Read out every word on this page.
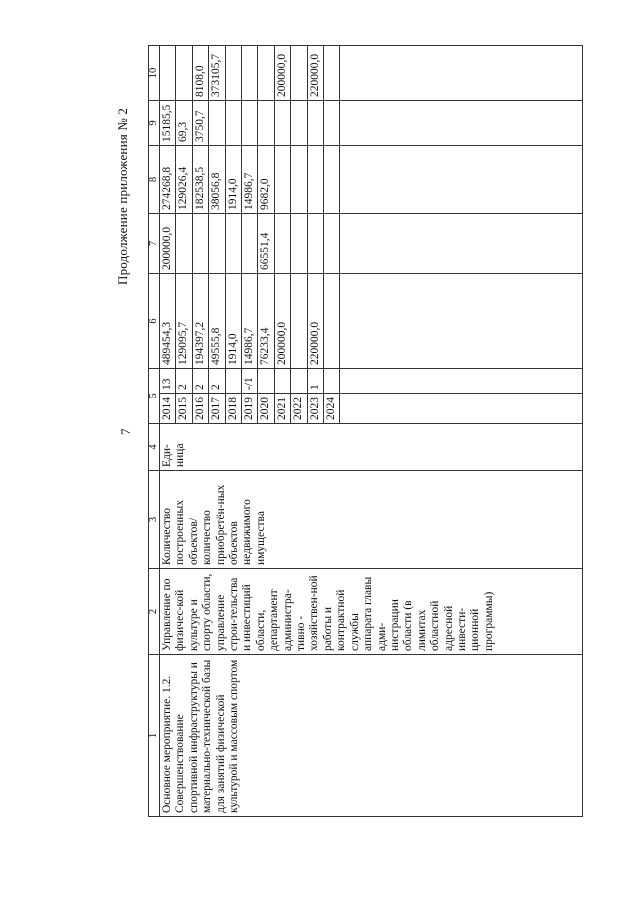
7
Продолжение приложения № 2
1	2	3	4	5		6	7	8	9	10
Основное мероприятие. 1.2. Совершенствование спортивной инфраструктуры и материально-технической базы для занятий физической культурой и массовым спортом	Управление по физичес-кой культуре и спорту области, управление строи-тельства и инвестиций области, департамент администра-тивно - хозяйствен-ной работы и контрактной службы аппарата главы адми-нистрации области (в лимитах областной адресной инвести-ционной программы)	Количество построенных объектов/ количество приобретён-ных объектов недвижимого имущества	Еди-ница	2014	13	489454,3	200000,0	274268,8	15185,5	
				2015	2	129095,7		129026,4	69,3	
				2016	2	194397,2		182538,5	3750,7	8108,0
				2017	2	49555,8		38056,8		373105,7
				2018		1914,0		1914,0		
				2019	-/1	14986,7		14986,7		
				2020		76233,4	66551,4	9682,0		
				2021		200000,0				200000,0
				2022						
				2023	1	220000,0				220000,0
				2024						
